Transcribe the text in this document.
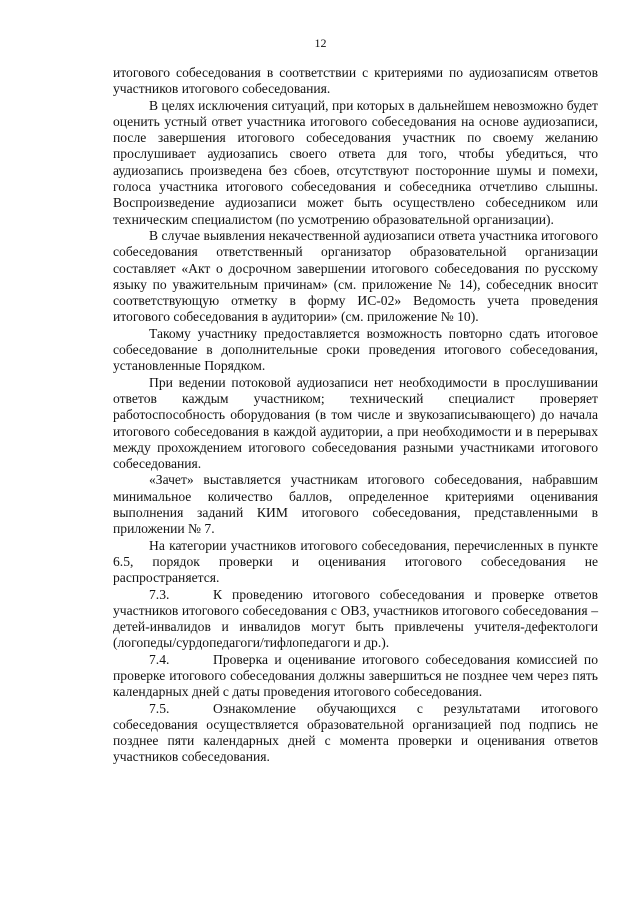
12

итогового собеседования в соответствии с критериями по аудиозаписям ответов участников итогового собеседования.

В целях исключения ситуаций, при которых в дальнейшем невозможно будет оценить устный ответ участника итогового собеседования на основе аудиозаписи, после завершения итогового собеседования участник по своему желанию прослушивает аудиозапись своего ответа для того, чтобы убедиться, что аудиозапись произведена без сбоев, отсутствуют посторонние шумы и помехи, голоса участника итогового собеседования и собеседника отчетливо слышны. Воспроизведение аудиозаписи может быть осуществлено собеседником или техническим специалистом (по усмотрению образовательной организации).

В случае выявления некачественной аудиозаписи ответа участника итогового собеседования ответственный организатор образовательной организации составляет «Акт о досрочном завершении итогового собеседования по русскому языку по уважительным причинам» (см. приложение № 14), собеседник вносит соответствующую отметку в форму ИС-02» Ведомость учета проведения итогового собеседования в аудитории» (см. приложение № 10).

Такому участнику предоставляется возможность повторно сдать итоговое собеседование в дополнительные сроки проведения итогового собеседования, установленные Порядком.

При ведении потоковой аудиозаписи нет необходимости в прослушивании ответов каждым участником; технический специалист проверяет работоспособность оборудования (в том числе и звукозаписывающего) до начала итогового собеседования в каждой аудитории, а при необходимости и в перерывах между прохождением итогового собеседования разными участниками итогового собеседования.

«Зачет» выставляется участникам итогового собеседования, набравшим минимальное количество баллов, определенное критериями оценивания выполнения заданий КИМ итогового собеседования, представленными в приложении № 7.

На категории участников итогового собеседования, перечисленных в пункте 6.5, порядок проверки и оценивания итогового собеседования не распространяется.

7.3.	К проведению итогового собеседования и проверке ответов участников итогового собеседования с ОВЗ, участников итогового собеседования – детей-инвалидов и инвалидов могут быть привлечены учителя-дефектологи (логопеды/сурдопедагоги/тифлопедагоги и др.).

7.4.	Проверка и оценивание итогового собеседования комиссией по проверке итогового собеседования должны завершиться не позднее чем через пять календарных дней с даты проведения итогового собеседования.

7.5.	Ознакомление обучающихся с результатами итогового собеседования осуществляется образовательной организацией под подпись не позднее пяти календарных дней с момента проверки и оценивания ответов участников собеседования.
